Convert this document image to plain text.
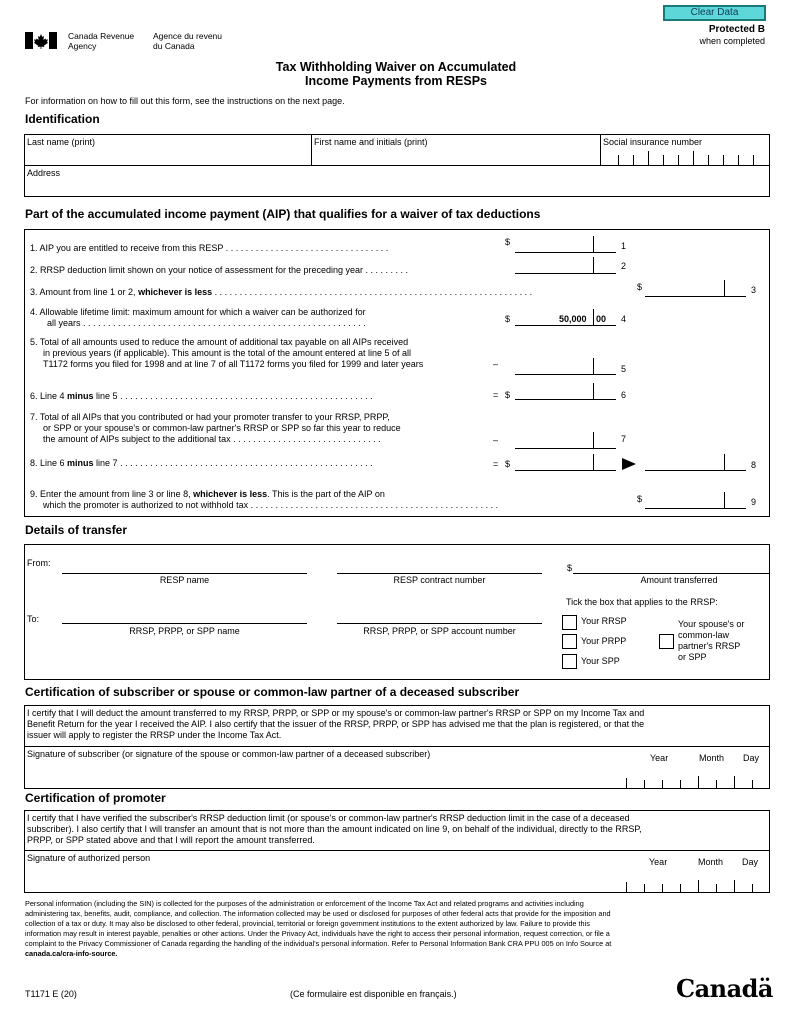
Clear Data
Canada Revenue
Agency
Agence du revenu
du Canada
Protected B
when completed
Tax Withholding Waiver on Accumulated
Income Payments from RESPs
For information on how to fill out this form, see the instructions on the next page.
Identification
Last name (print)	First name and initials (print)	Social insurance number
Address
Part of the accumulated income payment (AIP) that qualifies for a waiver of tax deductions
1. AIP you are entitled to receive from this RESP . . . . . . . . . . . . . . . . . . . . . . . . . . . . . . . . .
$	1
2. RRSP deduction limit shown on your notice of assessment for the preceding year . . . . . . . . .	2
3. Amount from line 1 or 2, whichever is less . . . . . . . . . . . . . . . . . . . . . . . . . . . . . . . . . . . . . . . . . . . . . . . . . . . . . . . . . . . . . . . .	$	3
4. Allowable lifetime limit: maximum amount for which a waiver can be authorized for
all years . . . . . . . . . . . . . . . . . . . . . . . . . . . . . . . . . . . . . . . . . . . . . . . . . . . . . . . . .	$	50,000 00 4
5. Total of all amounts used to reduce the amount of additional tax payable on all AIPs received
in previous years (if applicable). This amount is the total of the amount entered at line 5 of all
T1172 forms you filed for 1998 and at line 7 of all T1172 forms you filed for 1999 and later years	–	5
6. Line 4 minus line 5 . . . . . . . . . . . . . . . . . . . . . . . . . . . . . . . . . . . . . . . . . . . . . . . . . . .	= $	6
7. Total of all AIPs that you contributed or had your promoter transfer to your RRSP, PRPP,
or SPP or your spouse's or common-law partner's RRSP or SPP so far this year to reduce
the amount of AIPs subject to the additional tax . . . . . . . . . . . . . . . . . . . . . . . . . . . . . .	–	7
8. Line 6 minus line 7 . . . . . . . . . . . . . . . . . . . . . . . . . . . . . . . . . . . . . . . . . . . . . . . . . . .	= $	8
9. Enter the amount from line 3 or line 8, whichever is less. This is the part of the AIP on
which the promoter is authorized to not withhold tax . . . . . . . . . . . . . . . . . . . . . . . . . . . . . . . . . . . . . . . . . . . . . . . . . .
$	9
Details of transfer
From:
RESP name	RESP contract number
$
Amount transferred
Tick the box that applies to the RRSP:
To:
RRSP, PRPP, or SPP name	RRSP, PRPP, or SPP account number
Your RRSP
Your PRPP
Your SPP
Your spouse's or
common-law
partner's RRSP
or SPP
Certification of subscriber or spouse or common-law partner of a deceased subscriber
I certify that I will deduct the amount transferred to my RRSP, PRPP, or SPP or my spouse's or common-law partner's RRSP or SPP on my Income Tax and
Benefit Return for the year I received the AIP. I also certify that the issuer of the RRSP, PRPP, or SPP has advised me that the plan is registered, or that the
issuer will apply to register the RRSP under the Income Tax Act.
Signature of subscriber (or signature of the spouse or common-law partner of a deceased subscriber)	Year	Month Day
Certification of promoter
I certify that I have verified the subscriber's RRSP deduction limit (or spouse's or common-law partner's RRSP deduction limit in the case of a deceased
subscriber). I also certify that I will transfer an amount that is not more than the amount indicated on line 9, on behalf of the individual, directly to the RRSP,
PRPP, or SPP stated above and that I will report the amount transferred.
Signature of authorized person	Year	Month Day
Personal information (including the SIN) is collected for the purposes of the administration or enforcement of the Income Tax Act and related programs and activities including
administering tax, benefits, audit, compliance, and collection. The information collected may be used or disclosed for purposes of other federal acts that provide for the imposition and
collection of a tax or duty. It may also be disclosed to other federal, provincial, territorial or foreign government institutions to the extent authorized by law. Failure to provide this
information may result in interest payable, penalties or other actions. Under the Privacy Act, individuals have the right to access their personal information, request correction, or file a
complaint to the Privacy Commissioner of Canada regarding the handling of the individual's personal information. Refer to Personal Information Bank CRA PPU 005 on Info Source at
canada.ca/cra-info-source.
T1171 E (20)	(Ce formulaire est disponible en français.)	Canadä
